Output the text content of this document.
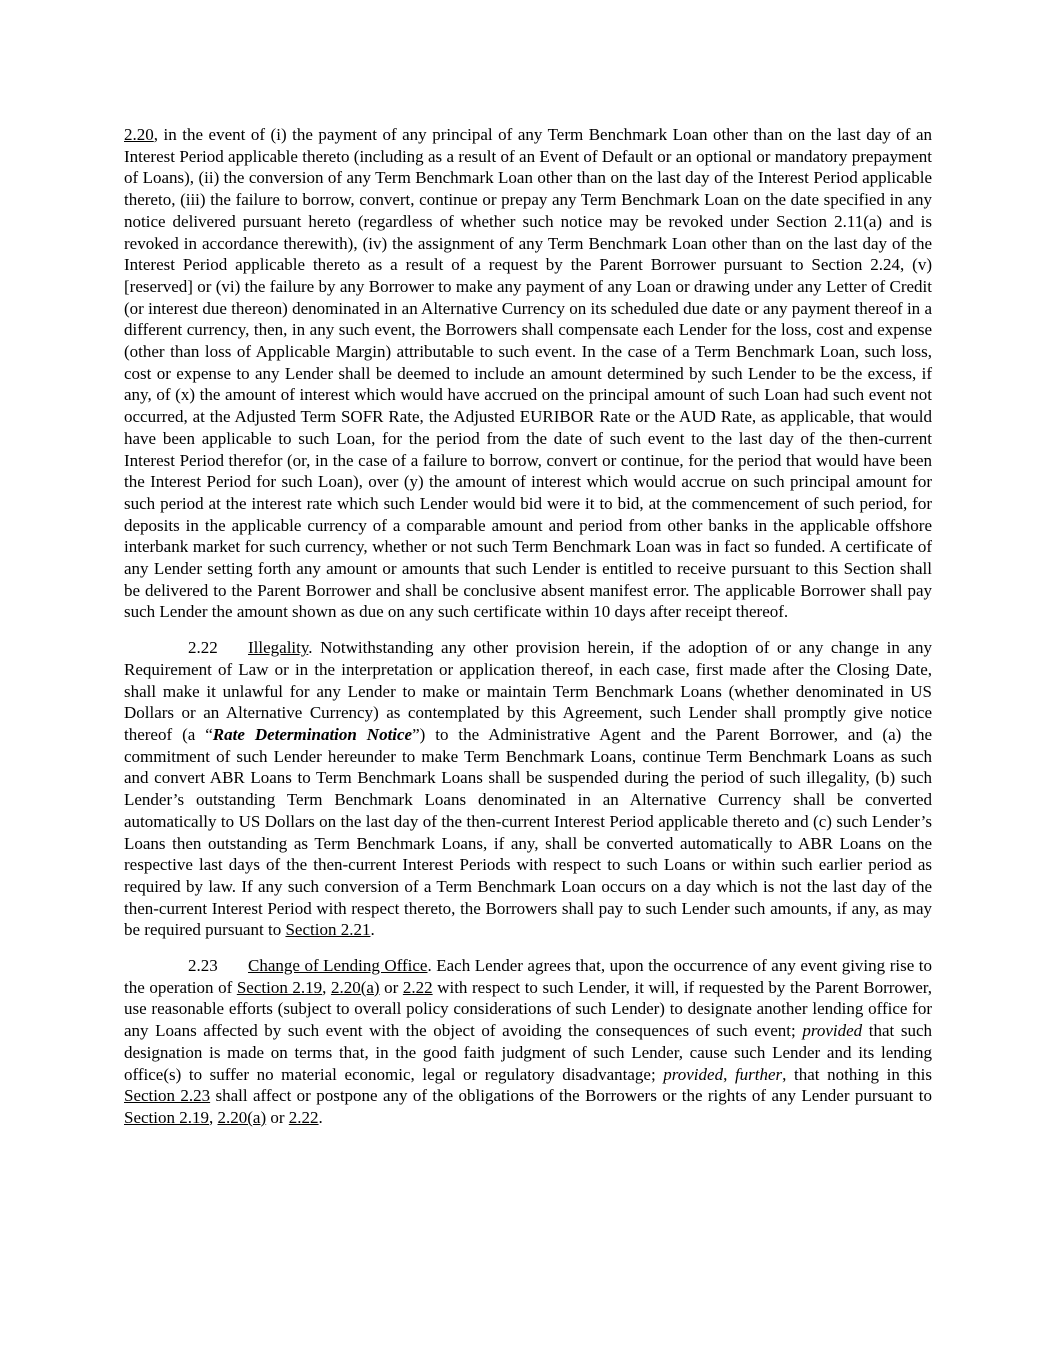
2.20, in the event of (i) the payment of any principal of any Term Benchmark Loan other than on the last day of an Interest Period applicable thereto (including as a result of an Event of Default or an optional or mandatory prepayment of Loans), (ii) the conversion of any Term Benchmark Loan other than on the last day of the Interest Period applicable thereto, (iii) the failure to borrow, convert, continue or prepay any Term Benchmark Loan on the date specified in any notice delivered pursuant hereto (regardless of whether such notice may be revoked under Section 2.11(a) and is revoked in accordance therewith), (iv) the assignment of any Term Benchmark Loan other than on the last day of the Interest Period applicable thereto as a result of a request by the Parent Borrower pursuant to Section 2.24, (v) [reserved] or (vi) the failure by any Borrower to make any payment of any Loan or drawing under any Letter of Credit (or interest due thereon) denominated in an Alternative Currency on its scheduled due date or any payment thereof in a different currency, then, in any such event, the Borrowers shall compensate each Lender for the loss, cost and expense (other than loss of Applicable Margin) attributable to such event. In the case of a Term Benchmark Loan, such loss, cost or expense to any Lender shall be deemed to include an amount determined by such Lender to be the excess, if any, of (x) the amount of interest which would have accrued on the principal amount of such Loan had such event not occurred, at the Adjusted Term SOFR Rate, the Adjusted EURIBOR Rate or the AUD Rate, as applicable, that would have been applicable to such Loan, for the period from the date of such event to the last day of the then-current Interest Period therefor (or, in the case of a failure to borrow, convert or continue, for the period that would have been the Interest Period for such Loan), over (y) the amount of interest which would accrue on such principal amount for such period at the interest rate which such Lender would bid were it to bid, at the commencement of such period, for deposits in the applicable currency of a comparable amount and period from other banks in the applicable offshore interbank market for such currency, whether or not such Term Benchmark Loan was in fact so funded. A certificate of any Lender setting forth any amount or amounts that such Lender is entitled to receive pursuant to this Section shall be delivered to the Parent Borrower and shall be conclusive absent manifest error. The applicable Borrower shall pay such Lender the amount shown as due on any such certificate within 10 days after receipt thereof.

2.22 Illegality. Notwithstanding any other provision herein, if the adoption of or any change in any Requirement of Law or in the interpretation or application thereof, in each case, first made after the Closing Date, shall make it unlawful for any Lender to make or maintain Term Benchmark Loans (whether denominated in US Dollars or an Alternative Currency) as contemplated by this Agreement, such Lender shall promptly give notice thereof (a “Rate Determination Notice”) to the Administrative Agent and the Parent Borrower, and (a) the commitment of such Lender hereunder to make Term Benchmark Loans, continue Term Benchmark Loans as such and convert ABR Loans to Term Benchmark Loans shall be suspended during the period of such illegality, (b) such Lender’s outstanding Term Benchmark Loans denominated in an Alternative Currency shall be converted automatically to US Dollars on the last day of the then-current Interest Period applicable thereto and (c) such Lender’s Loans then outstanding as Term Benchmark Loans, if any, shall be converted automatically to ABR Loans on the respective last days of the then-current Interest Periods with respect to such Loans or within such earlier period as required by law. If any such conversion of a Term Benchmark Loan occurs on a day which is not the last day of the then-current Interest Period with respect thereto, the Borrowers shall pay to such Lender such amounts, if any, as may be required pursuant to Section 2.21.

2.23 Change of Lending Office. Each Lender agrees that, upon the occurrence of any event giving rise to the operation of Section 2.19, 2.20(a) or 2.22 with respect to such Lender, it will, if requested by the Parent Borrower, use reasonable efforts (subject to overall policy considerations of such Lender) to designate another lending office for any Loans affected by such event with the object of avoiding the consequences of such event; provided that such designation is made on terms that, in the good faith judgment of such Lender, cause such Lender and its lending office(s) to suffer no material economic, legal or regulatory disadvantage; provided, further, that nothing in this Section 2.23 shall affect or postpone any of the obligations of the Borrowers or the rights of any Lender pursuant to Section 2.19, 2.20(a) or 2.22.
